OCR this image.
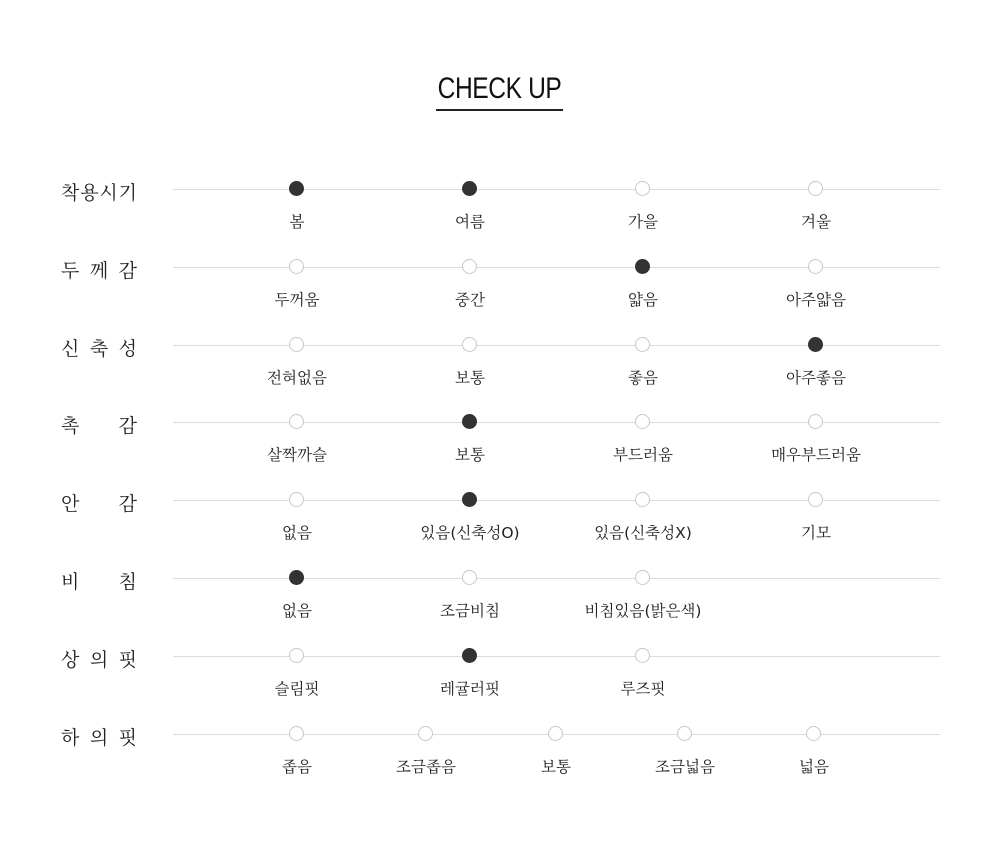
CHECK UP
착 용 시 기
봄	여름	가을	겨울
두 께 감
두꺼움	중간	얇음	아주얇음
신 축 성
전혀없음	보통	좋음	아주좋음
촉 감
살짝까슬	보통	부드러움	매우부드러움
안 감
없음	있음(신축성O)	있음(신축성X)	기모
비 침
없음	조금비침	비침있음(밝은색)
상 의 핏
슬림핏	레귤러핏	루즈핏
하 의 핏
좁음	조금좁음	보통	조금넓음	넓음
